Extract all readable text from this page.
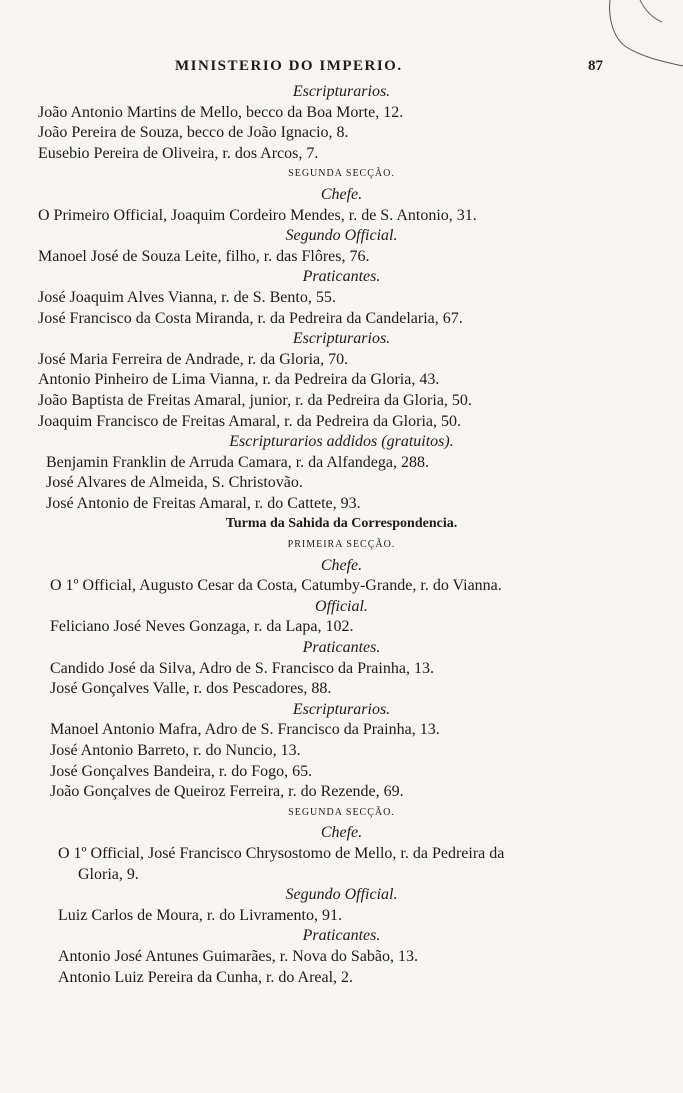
MINISTERIO DO IMPERIO.	87
Escripturarios.
João Antonio Martins de Mello, becco da Boa Morte, 12.
João Pereira de Souza, becco de João Ignacio, 8.
Eusebio Pereira de Oliveira, r. dos Arcos, 7.
SEGUNDA SECÇÃO.
Chefe.
O Primeiro Official, Joaquim Cordeiro Mendes, r. de S. Antonio, 31.
Segundo Official.
Manoel José de Souza Leite, filho, r. das Flôres, 76.
Praticantes.
José Joaquim Alves Vianna, r. de S. Bento, 55.
José Francisco da Costa Miranda, r. da Pedreira da Candelaria, 67.
Escripturarios.
José Maria Ferreira de Andrade, r. da Gloria, 70.
Antonio Pinheiro de Lima Vianna, r. da Pedreira da Gloria, 43.
João Baptista de Freitas Amaral, junior, r. da Pedreira da Gloria, 50.
Joaquim Francisco de Freitas Amaral, r. da Pedreira da Gloria, 50.
Escripturarios addidos (gratuitos).
Benjamin Franklin de Arruda Camara, r. da Alfandega, 288.
José Alvares de Almeida, S. Christovão.
José Antonio de Freitas Amaral, r. do Cattete, 93.
Turma da Sahida da Correspondencia.
PRIMEIRA SECÇÃO.
Chefe.
O 1º Official, Augusto Cesar da Costa, Catumby-Grande, r. do Vianna.
Official.
Feliciano José Neves Gonzaga, r. da Lapa, 102.
Praticantes.
Candido José da Silva, Adro de S. Francisco da Prainha, 13.
José Gonçalves Valle, r. dos Pescadores, 88.
Escripturarios.
Manoel Antonio Mafra, Adro de S. Francisco da Prainha, 13.
José Antonio Barreto, r. do Nuncio, 13.
José Gonçalves Bandeira, r. do Fogo, 65.
João Gonçalves de Queiroz Ferreira, r. do Rezende, 69.
SEGUNDA SECÇÃO.
Chefe.
O 1º Official, José Francisco Chrysostomo de Mello, r. da Pedreira da
Gloria, 9.
Segundo Official.
Luiz Carlos de Moura, r. do Livramento, 91.
Praticantes.
Antonio José Antunes Guimarães, r. Nova do Sabão, 13.
Antonio Luiz Pereira da Cunha, r. do Areal, 2.
